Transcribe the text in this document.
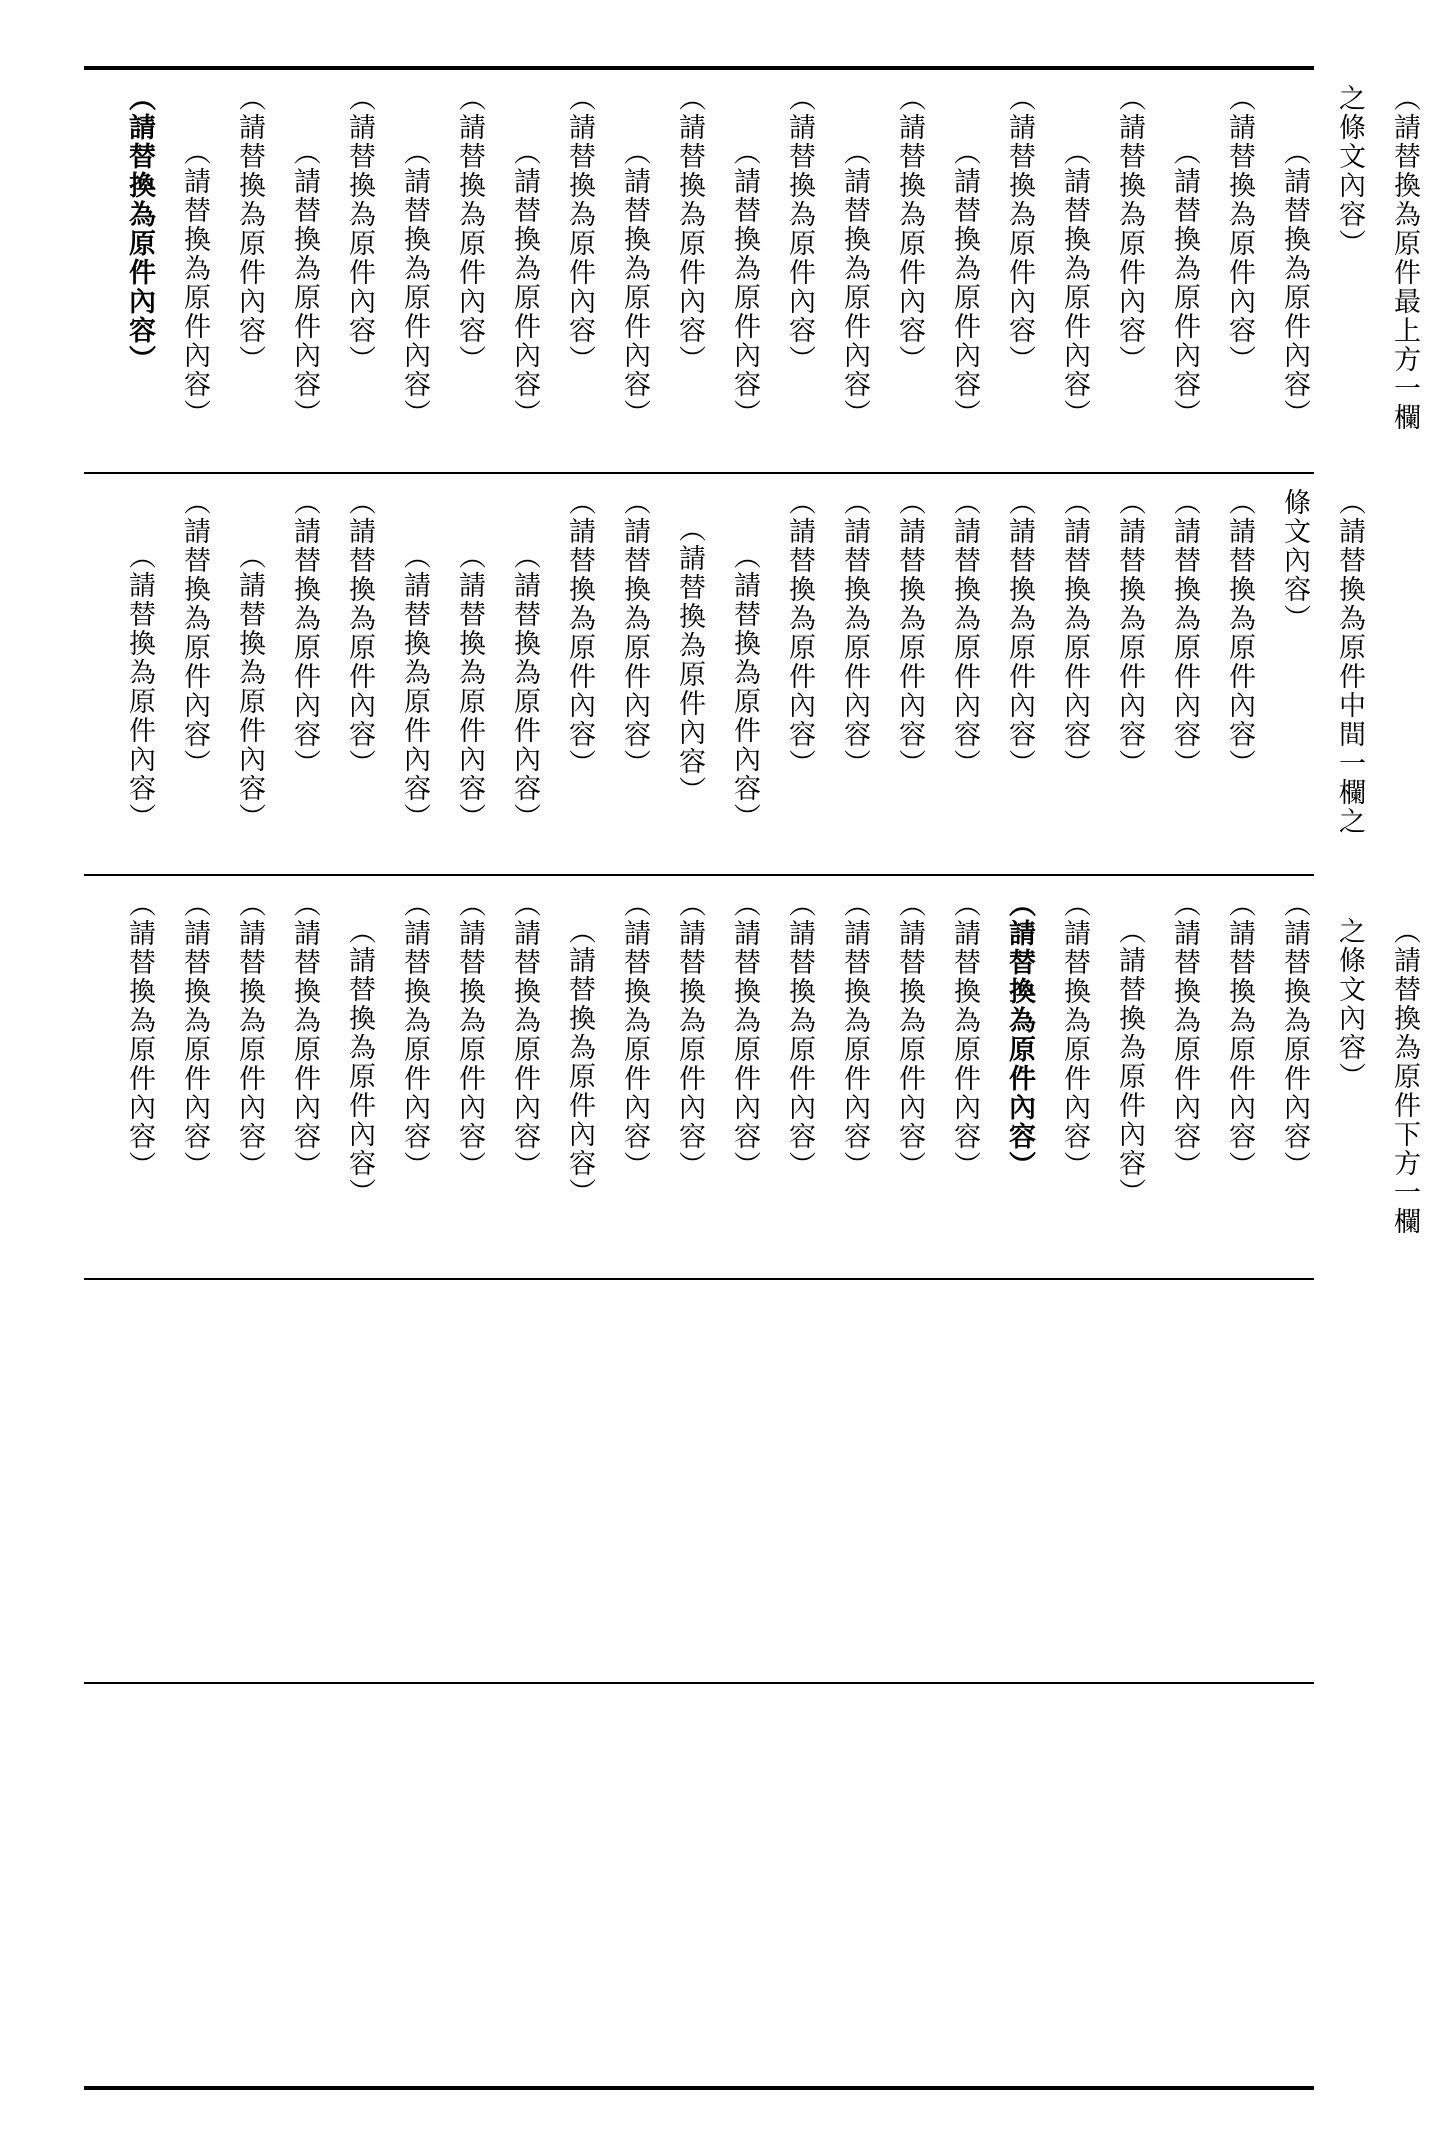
（請替換為原件最上方一欄之條文內容）

（請替換為原件內容）

（請替換為原件內容）

（請替換為原件內容）

（請替換為原件內容）

（請替換為原件內容）

（請替換為原件內容）

（請替換為原件內容）

（請替換為原件內容）

（請替換為原件內容）

（請替換為原件內容）

（請替換為原件內容）

（請替換為原件內容）

（請替換為原件內容）

（請替換為原件內容）

（請替換為原件內容）

（請替換為原件內容）

（請替換為原件內容）

（請替換為原件內容）

（請替換為原件內容）

（請替換為原件內容）

（請替換為原件內容）

（請替換為原件內容）

（請替換為原件中間一欄之條文內容）

（請替換為原件內容）

（請替換為原件內容）

（請替換為原件內容）

（請替換為原件內容）

（請替換為原件內容）

（請替換為原件內容）

（請替換為原件內容）

（請替換為原件內容）

（請替換為原件內容）

（請替換為原件內容）

（請替換為原件內容）

（請替換為原件內容）

（請替換為原件內容）

（請替換為原件內容）

（請替換為原件內容）

（請替換為原件內容）

（請替換為原件內容）

（請替換為原件內容）

（請替換為原件內容）

（請替換為原件內容）

（請替換為原件內容）

（請替換為原件下方一欄之條文內容）

（請替換為原件內容）

（請替換為原件內容）

（請替換為原件內容）

（請替換為原件內容）

（請替換為原件內容）

（請替換為原件內容）

（請替換為原件內容）

（請替換為原件內容）

（請替換為原件內容）

（請替換為原件內容）

（請替換為原件內容）

（請替換為原件內容）

（請替換為原件內容）

（請替換為原件內容）

（請替換為原件內容）

（請替換為原件內容）

（請替換為原件內容）

（請替換為原件內容）

（請替換為原件內容）

（請替換為原件內容）

（請替換為原件內容）

（請替換為原件內容）
